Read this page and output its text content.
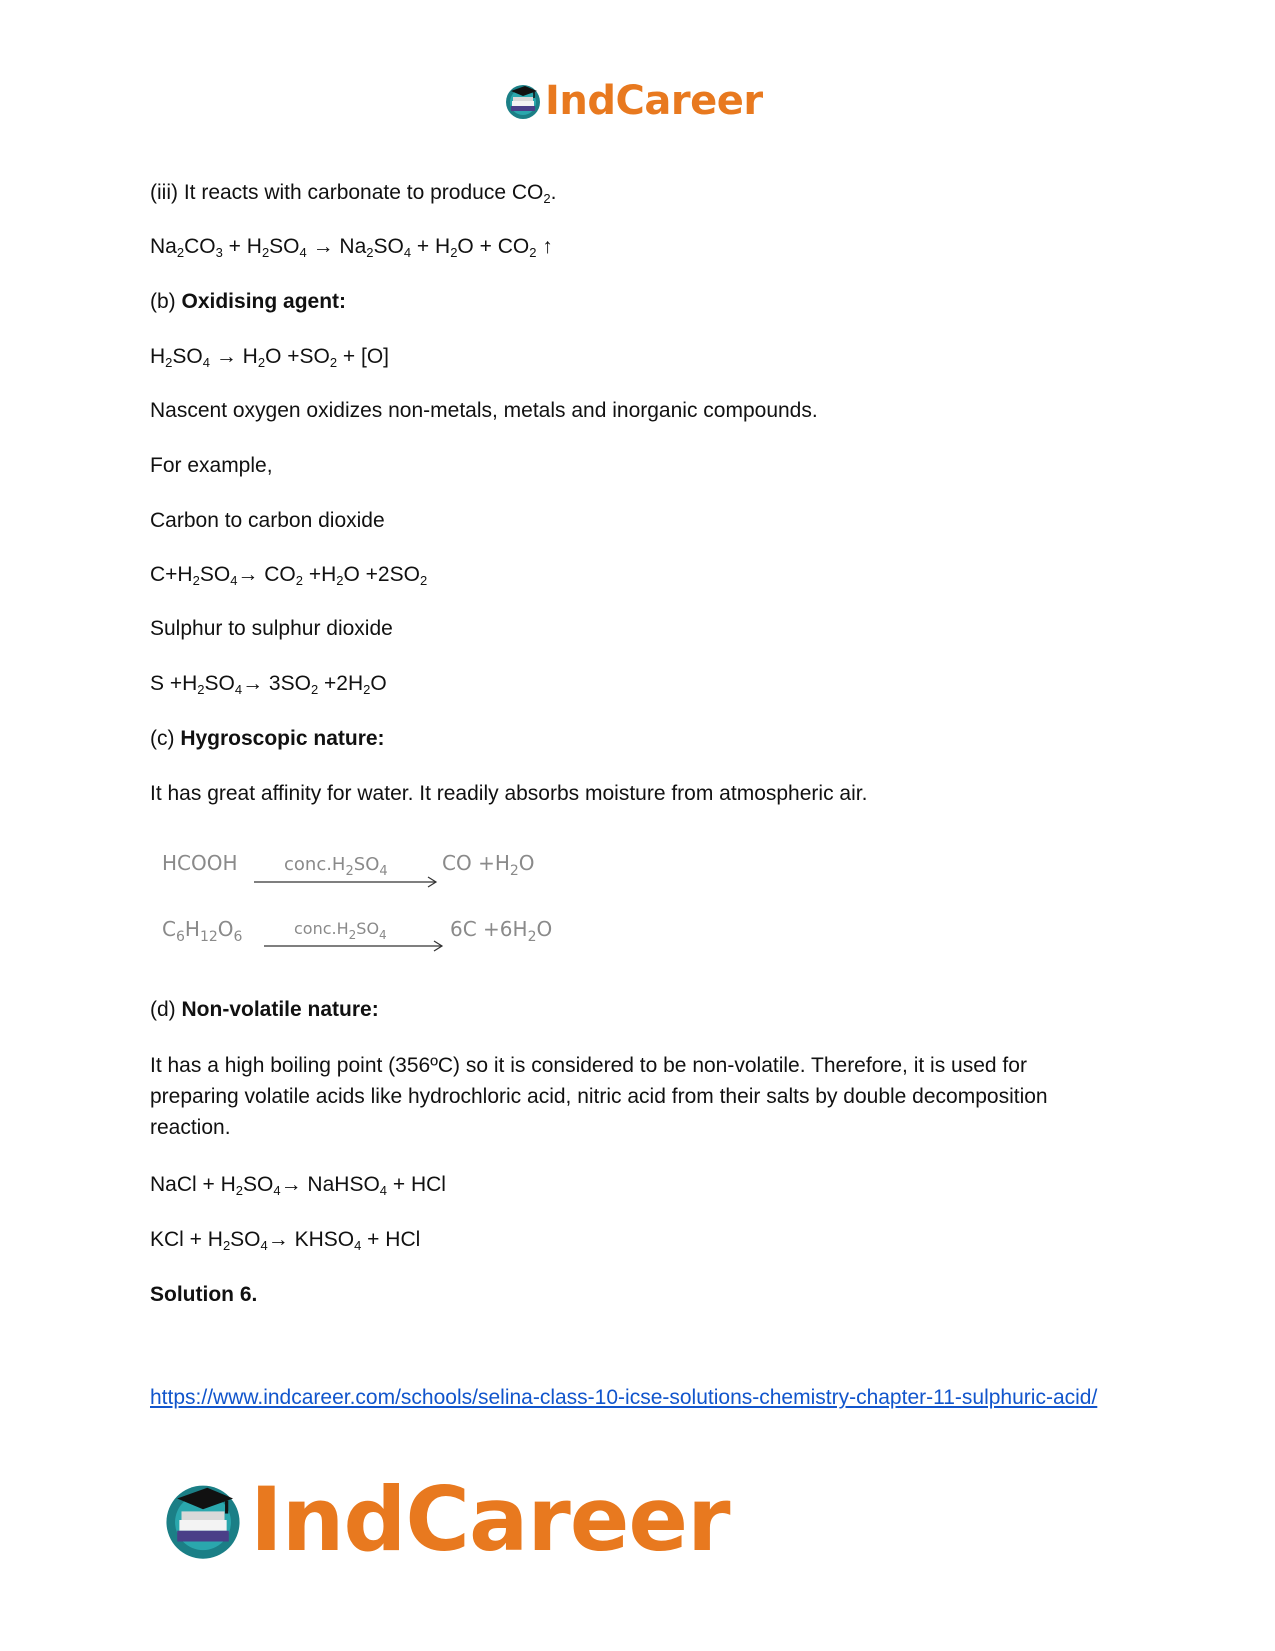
IndCareer
(iii) It reacts with carbonate to produce $CO_2$.
$Na_2CO_3 + H_2SO_4 \to Na_2SO_4 + H_2O + CO_2$ ↑
(b) Oxidising agent:
$H_2SO_4 \to H_2O +SO_2 + [O]$
Nascent oxygen oxidizes non-metals, metals and inorganic compounds.
For example,
Carbon to carbon dioxide
$C+H_2SO_4\to CO_2 +H_2O +2SO_2$
Sulphur to sulphur dioxide
$S +H_2SO_4\to 3SO_2 +2H_2O$
(c) Hygroscopic nature:
It has great affinity for water. It readily absorbs moisture from atmospheric air.
HCOOH	$conc.H_2SO_4$	CO $+H_2O$
$C_6H_{12}O_6$	$conc.H_2SO_4$	$6C +6H_2O$
(d) Non-volatile nature:
It has a high boiling point (356ºC) so it is considered to be non-volatile. Therefore, it is used for preparing volatile acids like hydrochloric acid, nitric acid from their salts by double decomposition reaction.
NaCl + $H_2SO_4\to$ NaHSO$_4$ + HCl
KCl + $H_2SO_4\to$ $KHSO_4$ + HCl
Solution 6.
https://www.indcareer.com/schools/selina-class-10-icse-solutions-chemistry-chapter-11-sulphuric-acid/
IndCareer
